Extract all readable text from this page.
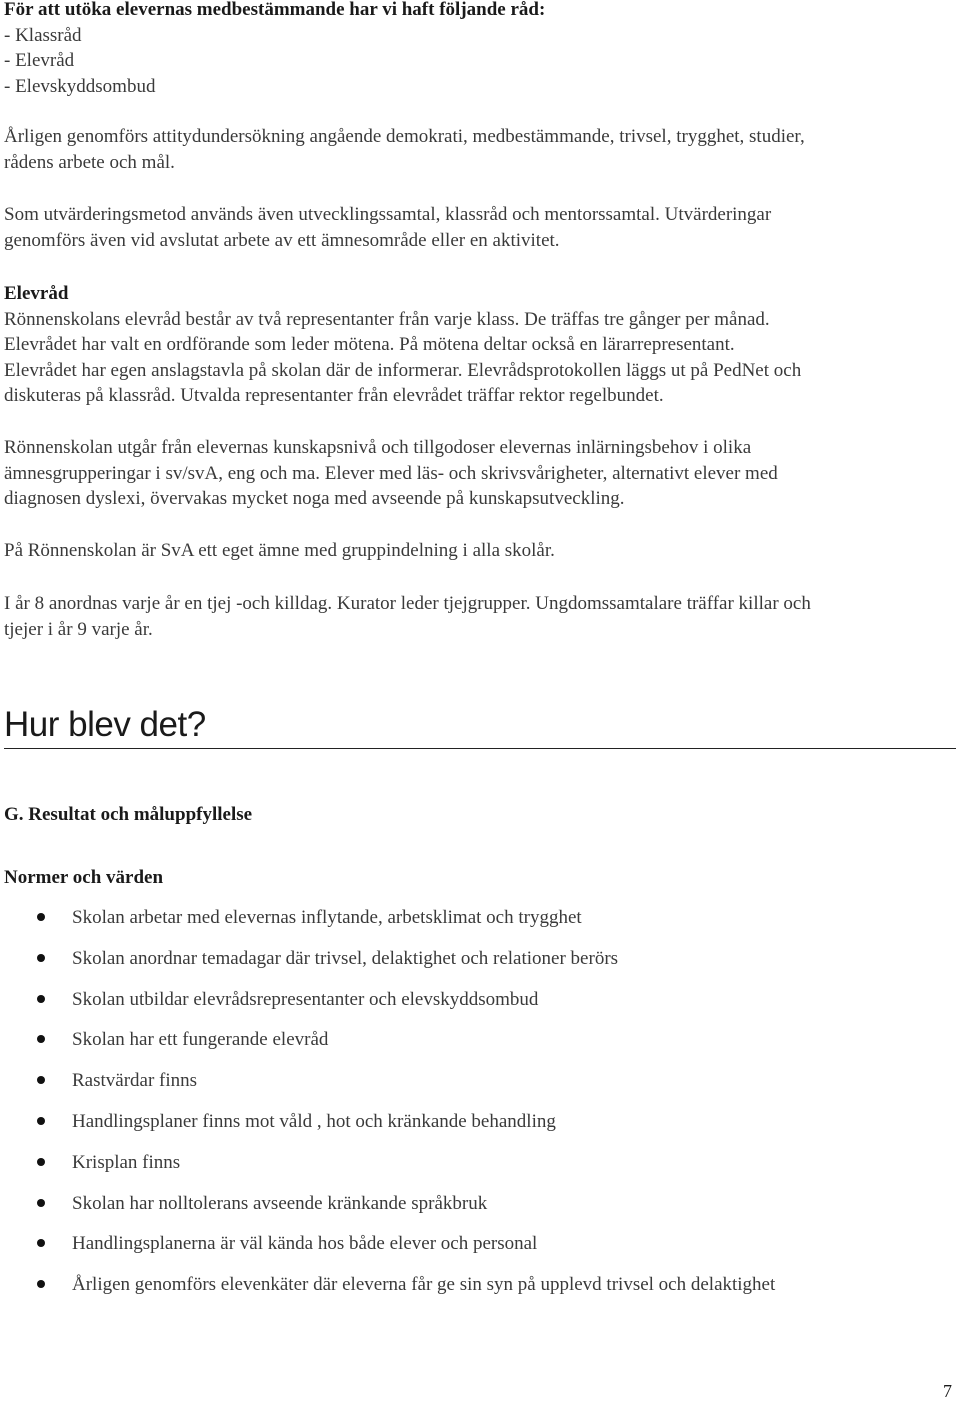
För att utöka elevernas medbestämmande har vi haft följande råd:
- Klassråd
- Elevråd
- Elevskyddsombud
Årligen genomförs attitydundersökning angående demokrati, medbestämmande, trivsel, trygghet, studier,
rådens arbete och mål.
Som utvärderingsmetod används även utvecklingssamtal, klassråd och mentorssamtal. Utvärderingar
genomförs även vid avslutat arbete av ett ämnesområde eller en aktivitet.
Elevråd
Rönnenskolans elevråd består av två representanter från varje klass. De träffas tre gånger per månad.
Elevrådet har valt en ordförande som leder mötena. På mötena deltar också en lärarrepresentant.
Elevrådet har egen anslagstavla på skolan där de informerar. Elevrådsprotokollen läggs ut på PedNet och
diskuteras på klassråd. Utvalda representanter från elevrådet träffar rektor regelbundet.
Rönnenskolan utgår från elevernas kunskapsnivå och tillgodoser elevernas inlärningsbehov i olika
ämnesgrupperingar i sv/svA, eng och ma. Elever med läs- och skrivsvårigheter, alternativt elever med
diagnosen dyslexi, övervakas mycket noga med avseende på kunskapsutveckling.
På Rönnenskolan är SvA ett eget ämne med gruppindelning i alla skolår.
I år 8 anordnas varje år en tjej -och killdag. Kurator leder tjejgrupper. Ungdomssamtalare träffar killar och
tjejer i år 9 varje år.
Hur blev det?
G. Resultat och måluppfyllelse
Normer och värden
Skolan arbetar med elevernas inflytande, arbetsklimat och trygghet
Skolan anordnar temadagar där trivsel, delaktighet och relationer berörs
Skolan utbildar elevrådsrepresentanter och elevskyddsombud
Skolan har ett fungerande elevråd
Rastvärdar finns
Handlingsplaner finns mot våld , hot och kränkande behandling
Krisplan finns
Skolan har nolltolerans avseende kränkande språkbruk
Handlingsplanerna är väl kända hos både elever och personal
Årligen genomförs elevenkäter där eleverna får ge sin syn på upplevd trivsel och delaktighet
7
